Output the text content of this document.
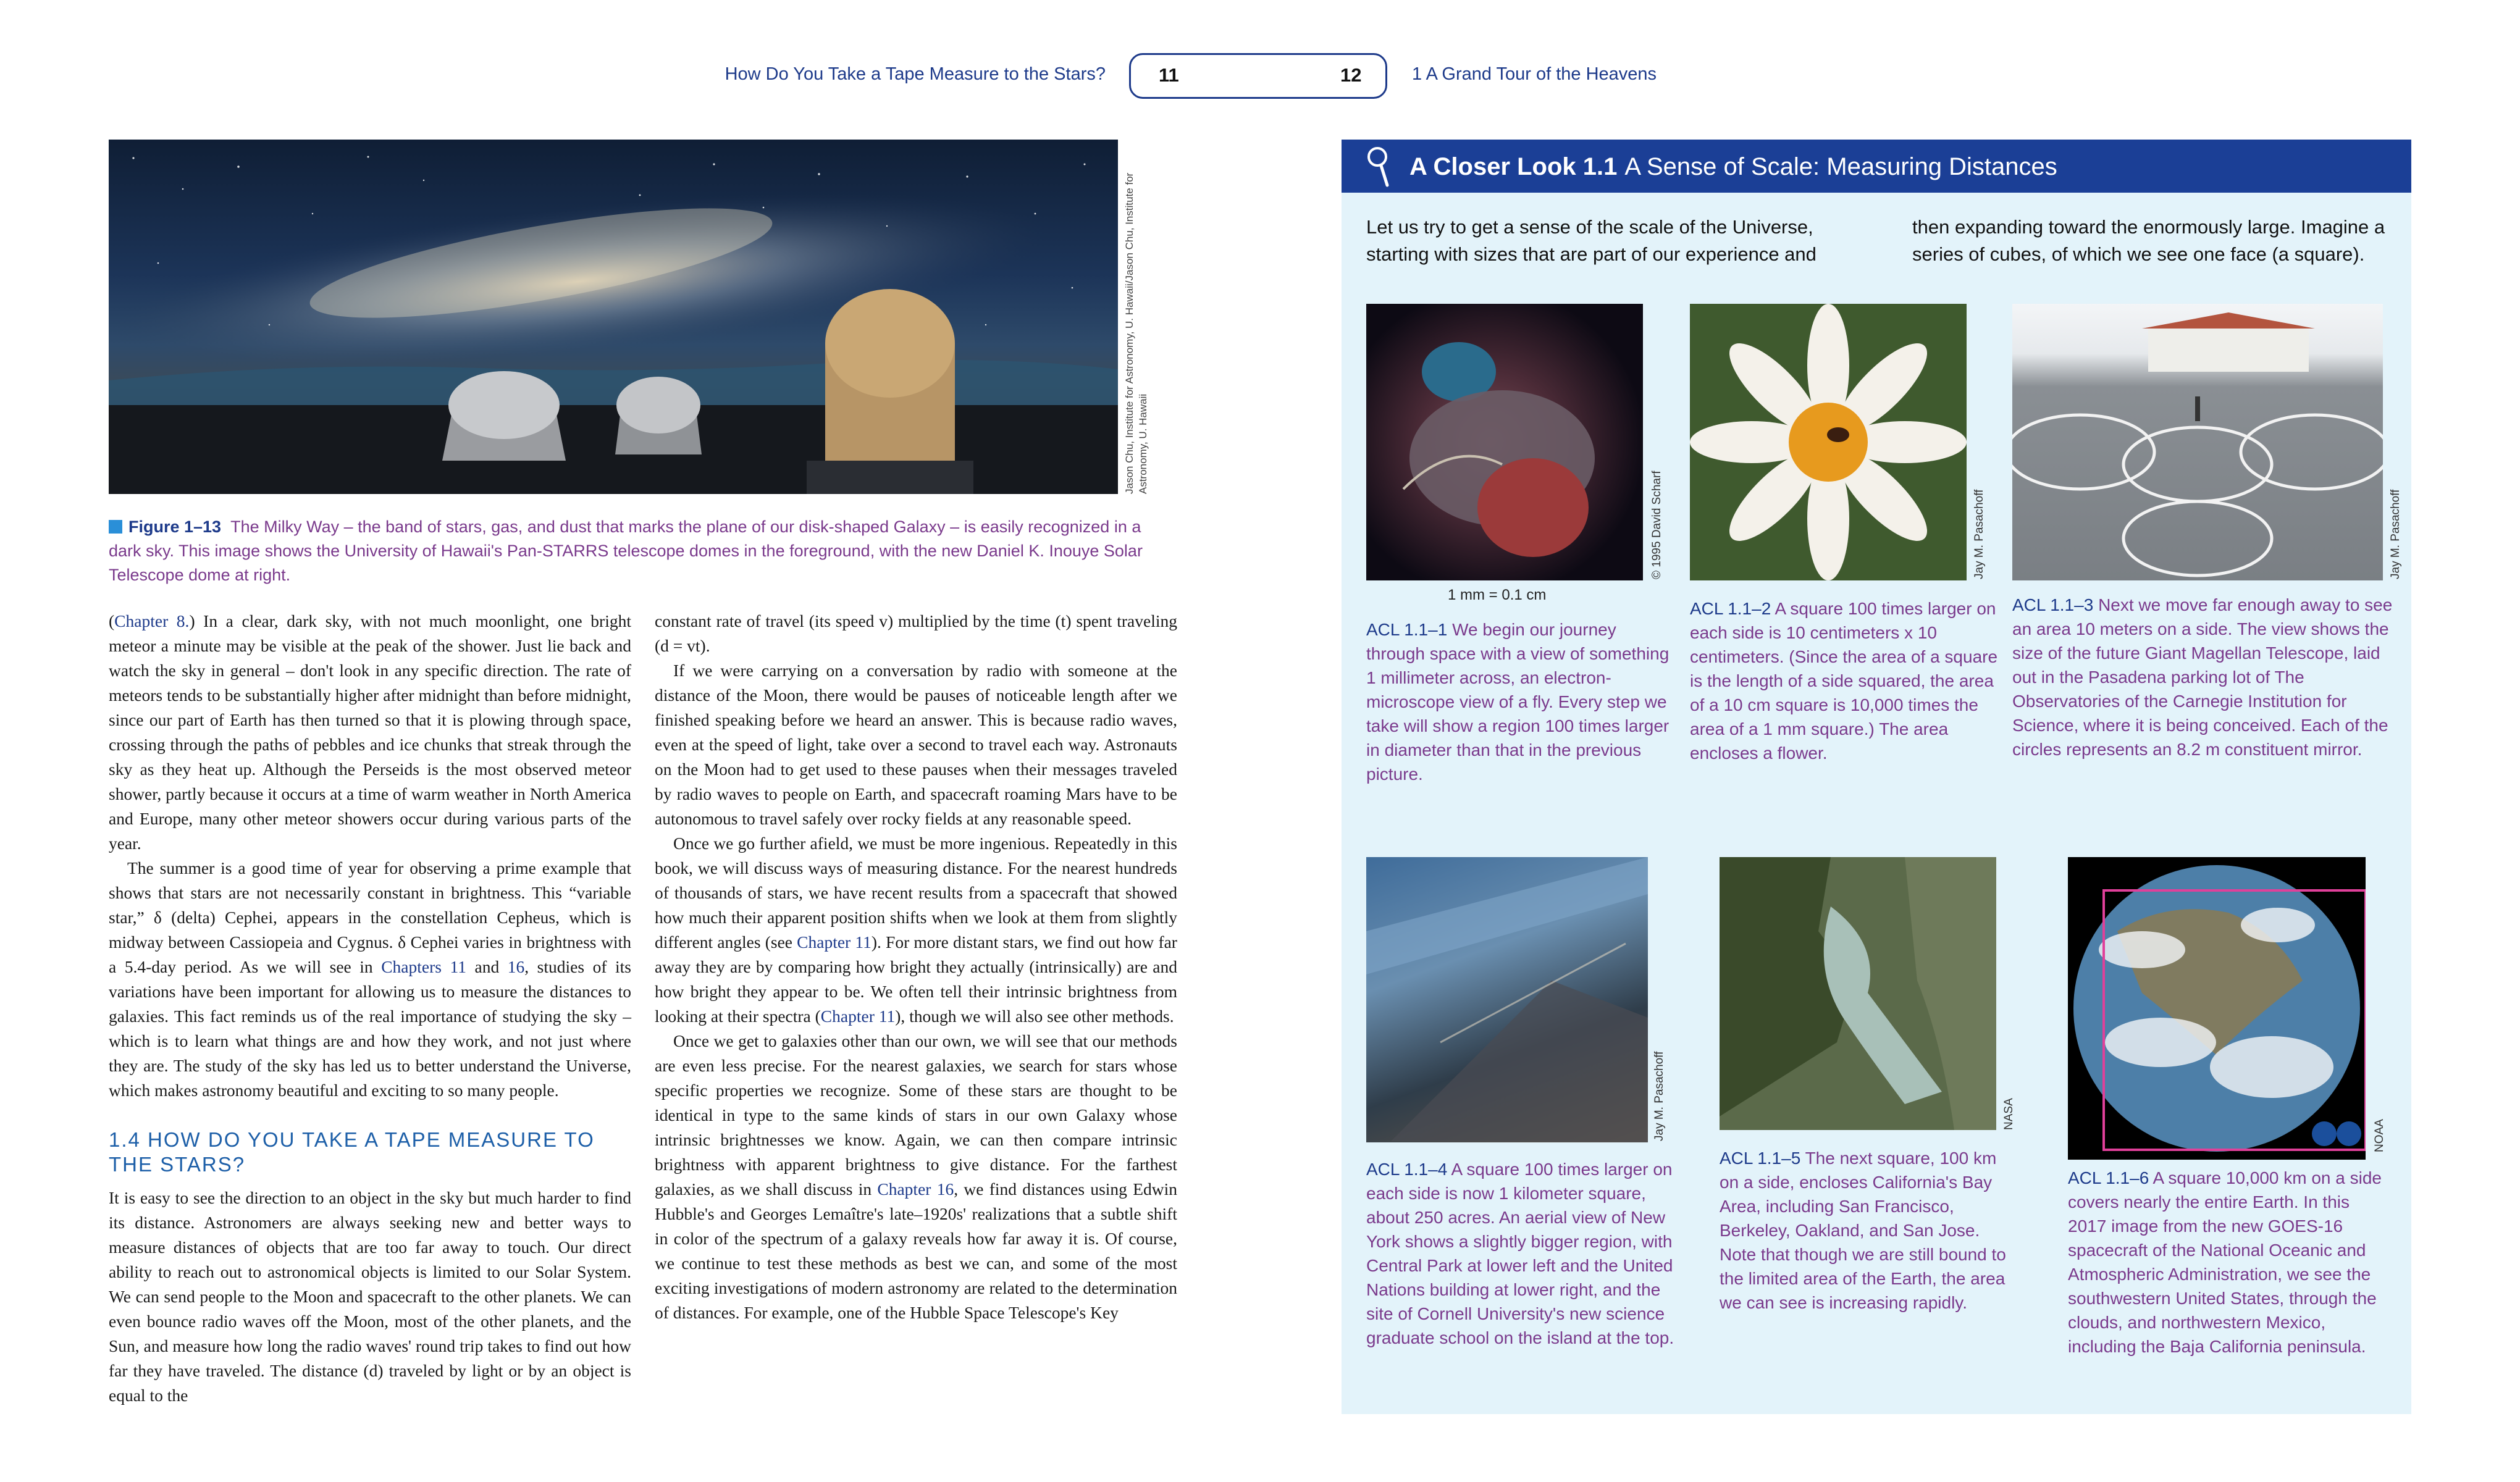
How Do You Take a Tape Measure to the Stars?	11	12	1 A Grand Tour of the Heavens
Jason Chu, Institute for Astronomy, U. Hawaii/Jason Chu, Institute for Astronomy, U. Hawaii
Figure 1–13 The Milky Way – the band of stars, gas, and dust that marks the plane of our disk-shaped Galaxy – is easily recognized in a dark sky. This image shows the University of Hawaii's Pan-STARRS telescope domes in the foreground, with the new Daniel K. Inouye Solar Telescope dome at right.

(Chapter 8.) In a clear, dark sky, with not much moonlight, one bright meteor a minute may be visible at the peak of the shower. Just lie back and watch the sky in general – don't look in any specific direction. The rate of meteors tends to be substantially higher after midnight than before midnight, since our part of Earth has then turned so that it is plowing through space, crossing through the paths of pebbles and ice chunks that streak through the sky as they heat up. Although the Perseids is the most observed meteor shower, partly because it occurs at a time of warm weather in North America and Europe, many other meteor showers occur during various parts of the year.

The summer is a good time of year for observing a prime example that shows that stars are not necessarily constant in brightness. This “variable star,” δ (delta) Cephei, appears in the constellation Cepheus, which is midway between Cassiopeia and Cygnus. δ Cephei varies in brightness with a 5.4-day period. As we will see in Chapters 11 and 16, studies of its variations have been important for allowing us to measure the distances to galaxies. This fact reminds us of the real importance of studying the sky – which is to learn what things are and how they work, and not just where they are. The study of the sky has led us to better understand the Universe, which makes astronomy beautiful and exciting to so many people.

1.4 HOW DO YOU TAKE A TAPE MEASURE TO THE STARS?

It is easy to see the direction to an object in the sky but much harder to find its distance. Astronomers are always seeking new and better ways to measure distances of objects that are too far away to touch. Our direct ability to reach out to astronomical objects is limited to our Solar System. We can send people to the Moon and spacecraft to the other planets. We can even bounce radio waves off the Moon, most of the other planets, and the Sun, and measure how long the radio waves' round trip takes to find out how far they have traveled. The distance (d) traveled by light or by an object is equal to the

constant rate of travel (its speed v) multiplied by the time (t) spent traveling (d = vt).

If we were carrying on a conversation by radio with someone at the distance of the Moon, there would be pauses of noticeable length after we finished speaking before we heard an answer. This is because radio waves, even at the speed of light, take over a second to travel each way. Astronauts on the Moon had to get used to these pauses when their messages traveled by radio waves to people on Earth, and spacecraft roaming Mars have to be autonomous to travel safely over rocky fields at any reasonable speed.

Once we go further afield, we must be more ingenious. Repeatedly in this book, we will discuss ways of measuring distance. For the nearest hundreds of thousands of stars, we have recent results from a spacecraft that showed how much their apparent position shifts when we look at them from slightly different angles (see Chapter 11). For more distant stars, we find out how far away they are by comparing how bright they actually (intrinsically) are and how bright they appear to be. We often tell their intrinsic brightness from looking at their spectra (Chapter 11), though we will also see other methods.

Once we get to galaxies other than our own, we will see that our methods are even less precise. For the nearest galaxies, we search for stars whose specific properties we recognize. Some of these stars are thought to be identical in type to the same kinds of stars in our own Galaxy whose intrinsic brightnesses we know. Again, we can then compare intrinsic brightness with apparent brightness to give distance. For the farthest galaxies, as we shall discuss in Chapter 16, we find distances using Edwin Hubble's and Georges Lemaître's late–1920s' realizations that a subtle shift in color of the spectrum of a galaxy reveals how far away it is. Of course, we continue to test these methods as best we can, and some of the most exciting investigations of modern astronomy are related to the determination of distances. For example, one of the Hubble Space Telescope's Key

A Closer Look 1.1 A Sense of Scale: Measuring Distances
Let us try to get a sense of the scale of the Universe, starting with sizes that are part of our experience and
then expanding toward the enormously large. Imagine a series of cubes, of which we see one face (a square).
© 1995 David Scharf
1 mm = 0.1 cm
ACL 1.1–1 We begin our journey through space with a view of something 1 millimeter across, an electron-microscope view of a fly. Every step we take will show a region 100 times larger in diameter than that in the previous picture.
Jay M. Pasachoff
ACL 1.1–2 A square 100 times larger on each side is 10 centimeters x 10 centimeters. (Since the area of a square is the length of a side squared, the area of a 10 cm square is 10,000 times the area of a 1 mm square.) The area encloses a flower.
Jay M. Pasachoff
ACL 1.1–3 Next we move far enough away to see an area 10 meters on a side. The view shows the size of the future Giant Magellan Telescope, laid out in the Pasadena parking lot of The Observatories of the Carnegie Institution for Science, where it is being conceived. Each of the circles represents an 8.2 m constituent mirror.
Jay M. Pasachoff
ACL 1.1–4 A square 100 times larger on each side is now 1 kilometer square, about 250 acres. An aerial view of New York shows a slightly bigger region, with Central Park at lower left and the United Nations building at lower right, and the site of Cornell University's new science graduate school on the island at the top.
NASA
ACL 1.1–5 The next square, 100 km on a side, encloses California's Bay Area, including San Francisco, Berkeley, Oakland, and San Jose. Note that though we are still bound to the limited area of the Earth, the area we can see is increasing rapidly.
NOAA
ACL 1.1–6 A square 10,000 km on a side covers nearly the entire Earth. In this 2017 image from the new GOES-16 spacecraft of the National Oceanic and Atmospheric Administration, we see the southwestern United States, through the clouds, and northwestern Mexico, including the Baja California peninsula.
